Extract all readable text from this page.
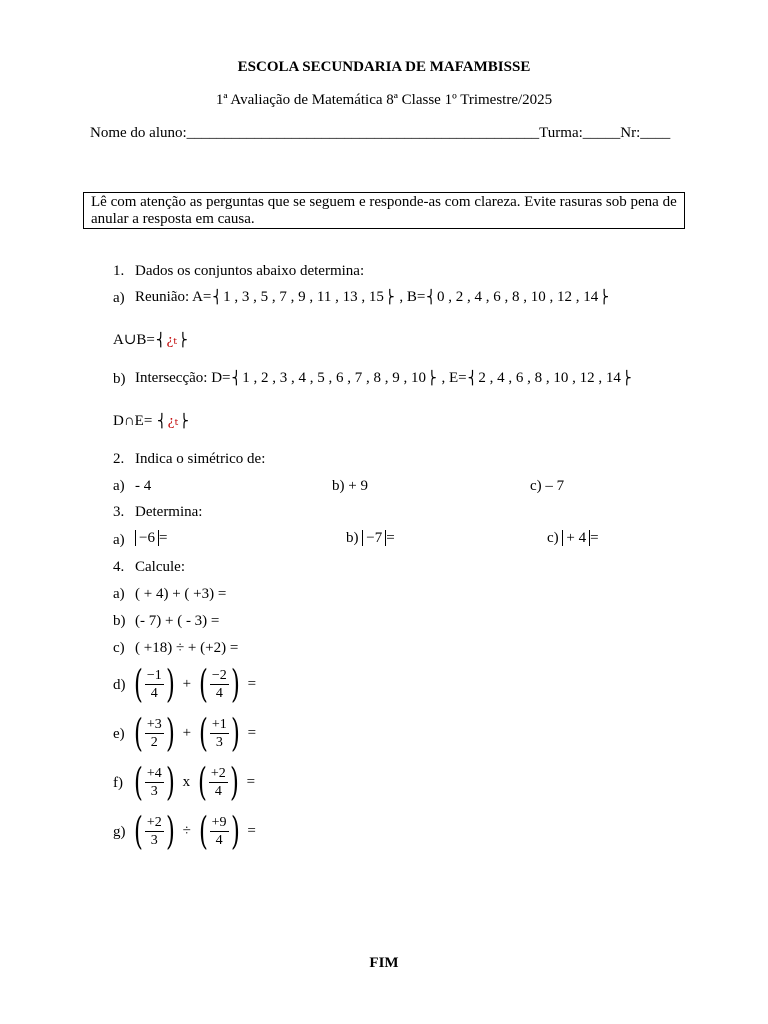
ESCOLA SECUNDARIA DE MAFAMBISSE
1ª Avaliação de Matemática 8ª Classe 1º Trimestre/2025
Nome do aluno:_______________________________________________Turma:_____Nr:____
Lê com atenção as perguntas que se seguem e responde-as com clareza. Evite rasuras sob pena de anular a resposta em causa.
1. Dados os conjuntos abaixo determina:
a) Reunião: A=⎨1 , 3 , 5 , 7 , 9 , 11 , 13 , 15⎬ , B=⎨0 , 2 , 4 , 6 , 8 , 10 , 12 , 14⎬
A∪B=⎨¿ₜ⎬
b) Intersecção: D=⎨1 , 2 , 3 , 4 , 5 , 6 , 7 , 8 , 9 , 10⎬ , E=⎨2 , 4 , 6 , 8 , 10 , 12 , 14⎬
D∩E= ⎨¿ₜ⎬
2. Indica o simétrico de:
a) - 4	b) + 9	c) – 7
3. Determina:
a) −6 =	b) −7 =	c) + 4 =
4. Calcule:
a) ( + 4) + ( +3) =
b) (- 7) + ( - 3) =
c) ( +18) ÷ + (+2) =
d) ( $\frac{-1}{4}$ ) + ( $\frac{-2}{4}$ ) =
e) ( $\frac{+3}{2}$ ) + ( $\frac{+1}{3}$ ) =
f) ( $\frac{+4}{3}$ ) x ( $\frac{+2}{4}$ ) =
g) ( $\frac{+2}{3}$ ) ÷ ( $\frac{+9}{4}$ ) =
FIM
